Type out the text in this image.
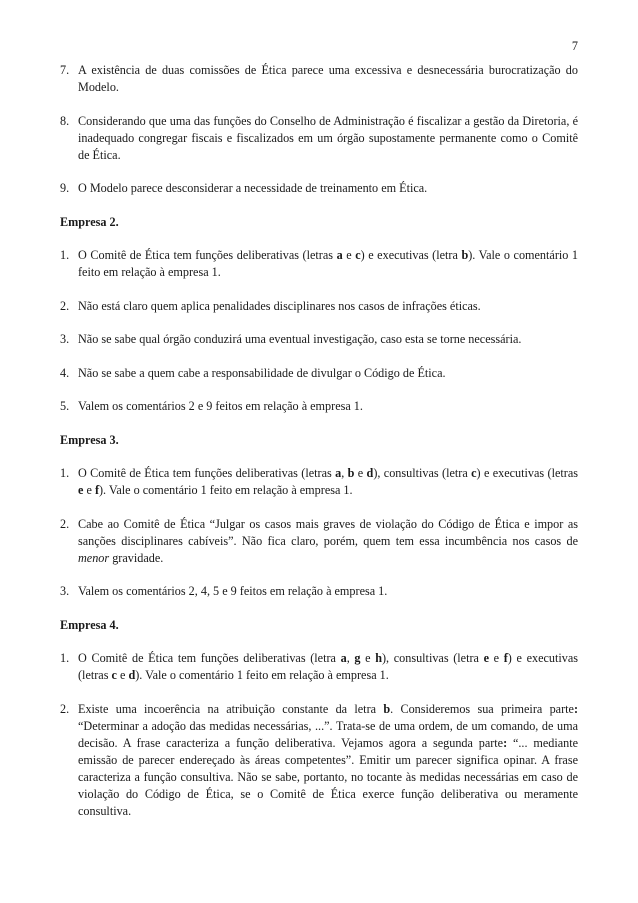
7
7. A existência de duas comissões de Ética parece uma excessiva e desnecessária burocratização do Modelo.
8. Considerando que uma das funções do Conselho de Administração é fiscalizar a gestão da Diretoria, é inadequado congregar fiscais e fiscalizados em um órgão supostamente permanente como o Comitê de Ética.
9. O Modelo parece desconsiderar a necessidade de treinamento em Ética.
Empresa 2.
1. O Comitê de Ética tem funções deliberativas (letras a e c) e executivas (letra b). Vale o comentário 1 feito em relação à empresa 1.
2. Não está claro quem aplica penalidades disciplinares nos casos de infrações éticas.
3. Não se sabe qual órgão conduzirá uma eventual investigação, caso esta se torne necessária.
4. Não se sabe a quem cabe a responsabilidade de divulgar o Código de Ética.
5. Valem os comentários 2 e 9 feitos em relação à empresa 1.
Empresa 3.
1. O Comitê de Ética tem funções deliberativas (letras a, b e d), consultivas (letra c) e executivas (letras e e f). Vale o comentário 1 feito em relação à empresa 1.
2. Cabe ao Comitê de Ética “Julgar os casos mais graves de violação do Código de Ética e impor as sanções disciplinares cabíveis”. Não fica claro, porém, quem tem essa incumbência nos casos de menor gravidade.
3. Valem os comentários 2, 4, 5 e 9 feitos em relação à empresa 1.
Empresa 4.
1. O Comitê de Ética tem funções deliberativas (letra a, g e h), consultivas (letra e e f) e executivas (letras c e d). Vale o comentário 1 feito em relação à empresa 1.
2. Existe uma incoerência na atribuição constante da letra b. Consideremos sua primeira parte: “Determinar a adoção das medidas necessárias, ...”. Trata-se de uma ordem, de um comando, de uma decisão. A frase caracteriza a função deliberativa. Vejamos agora a segunda parte: “... mediante emissão de parecer endereçado às áreas competentes”. Emitir um parecer significa opinar. A frase caracteriza a função consultiva. Não se sabe, portanto, no tocante às medidas necessárias em caso de violação do Código de Ética, se o Comitê de Ética exerce função deliberativa ou meramente consultiva.
